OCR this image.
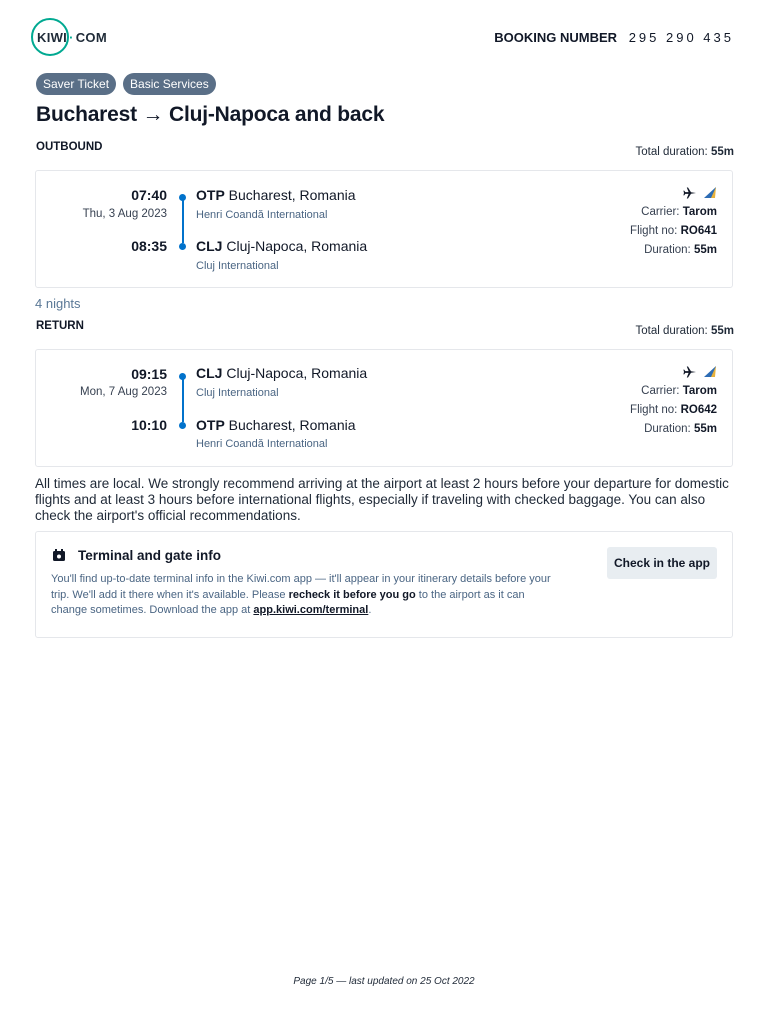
KIWI · COM	BOOKING NUMBER 295 290 435
Saver Ticket	Basic Services
Bucharest → Cluj-Napoca and back
OUTBOUND	Total duration: 55m
07:40
Thu, 3 Aug 2023
08:35
OTP Bucharest, Romania
Henri Coandă International
CLJ Cluj-Napoca, Romania
Cluj International
Carrier: Tarom
Flight no: RO641
Duration: 55m
4 nights
RETURN	Total duration: 55m
09:15
Mon, 7 Aug 2023
10:10
CLJ Cluj-Napoca, Romania
Cluj International
OTP Bucharest, Romania
Henri Coandă International
Carrier: Tarom
Flight no: RO642
Duration: 55m
All times are local. We strongly recommend arriving at the airport at least 2 hours before your departure for domestic flights and at least 3 hours before international flights, especially if traveling with checked baggage. You can also check the airport's official recommendations.
Terminal and gate info
You'll find up-to-date terminal info in the Kiwi.com app — it'll appear in your itinerary details before your trip. We'll add it there when it's available. Please recheck it before you go to the airport as it can change sometimes. Download the app at app.kiwi.com/terminal.
Check in the app
Page 1/5 — last updated on 25 Oct 2022
